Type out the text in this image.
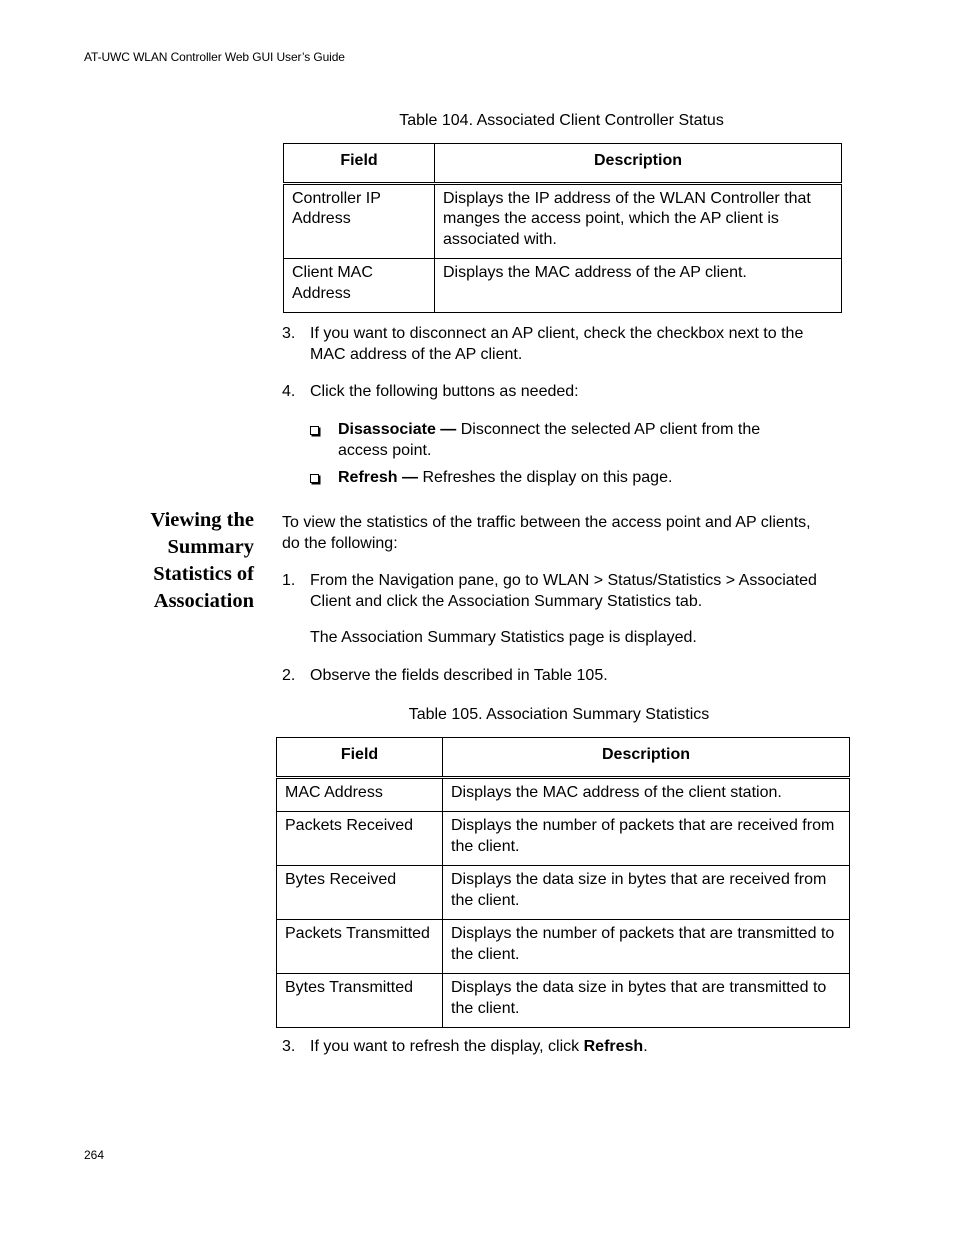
AT-UWC WLAN Controller Web GUI User’s Guide
Table 104. Associated Client Controller Status
Field	Description
Controller IP Address	Displays the IP address of the WLAN Controller that manges the access point, which the AP client is associated with.
Client MAC Address	Displays the MAC address of the AP client.
3. If you want to disconnect an AP client, check the checkbox next to the MAC address of the AP client.
4. Click the following buttons as needed:
Disassociate — Disconnect the selected AP client from the access point.
Refresh — Refreshes the display on this page.
Viewing the Summary Statistics of Association
To view the statistics of the traffic between the access point and AP clients, do the following:
1. From the Navigation pane, go to WLAN > Status/Statistics > Associated Client and click the Association Summary Statistics tab.
The Association Summary Statistics page is displayed.
2. Observe the fields described in Table 105.
Table 105. Association Summary Statistics
Field	Description
MAC Address	Displays the MAC address of the client station.
Packets Received	Displays the number of packets that are received from the client.
Bytes Received	Displays the data size in bytes that are received from the client.
Packets Transmitted	Displays the number of packets that are transmitted to the client.
Bytes Transmitted	Displays the data size in bytes that are transmitted to the client.
3. If you want to refresh the display, click Refresh.
264
